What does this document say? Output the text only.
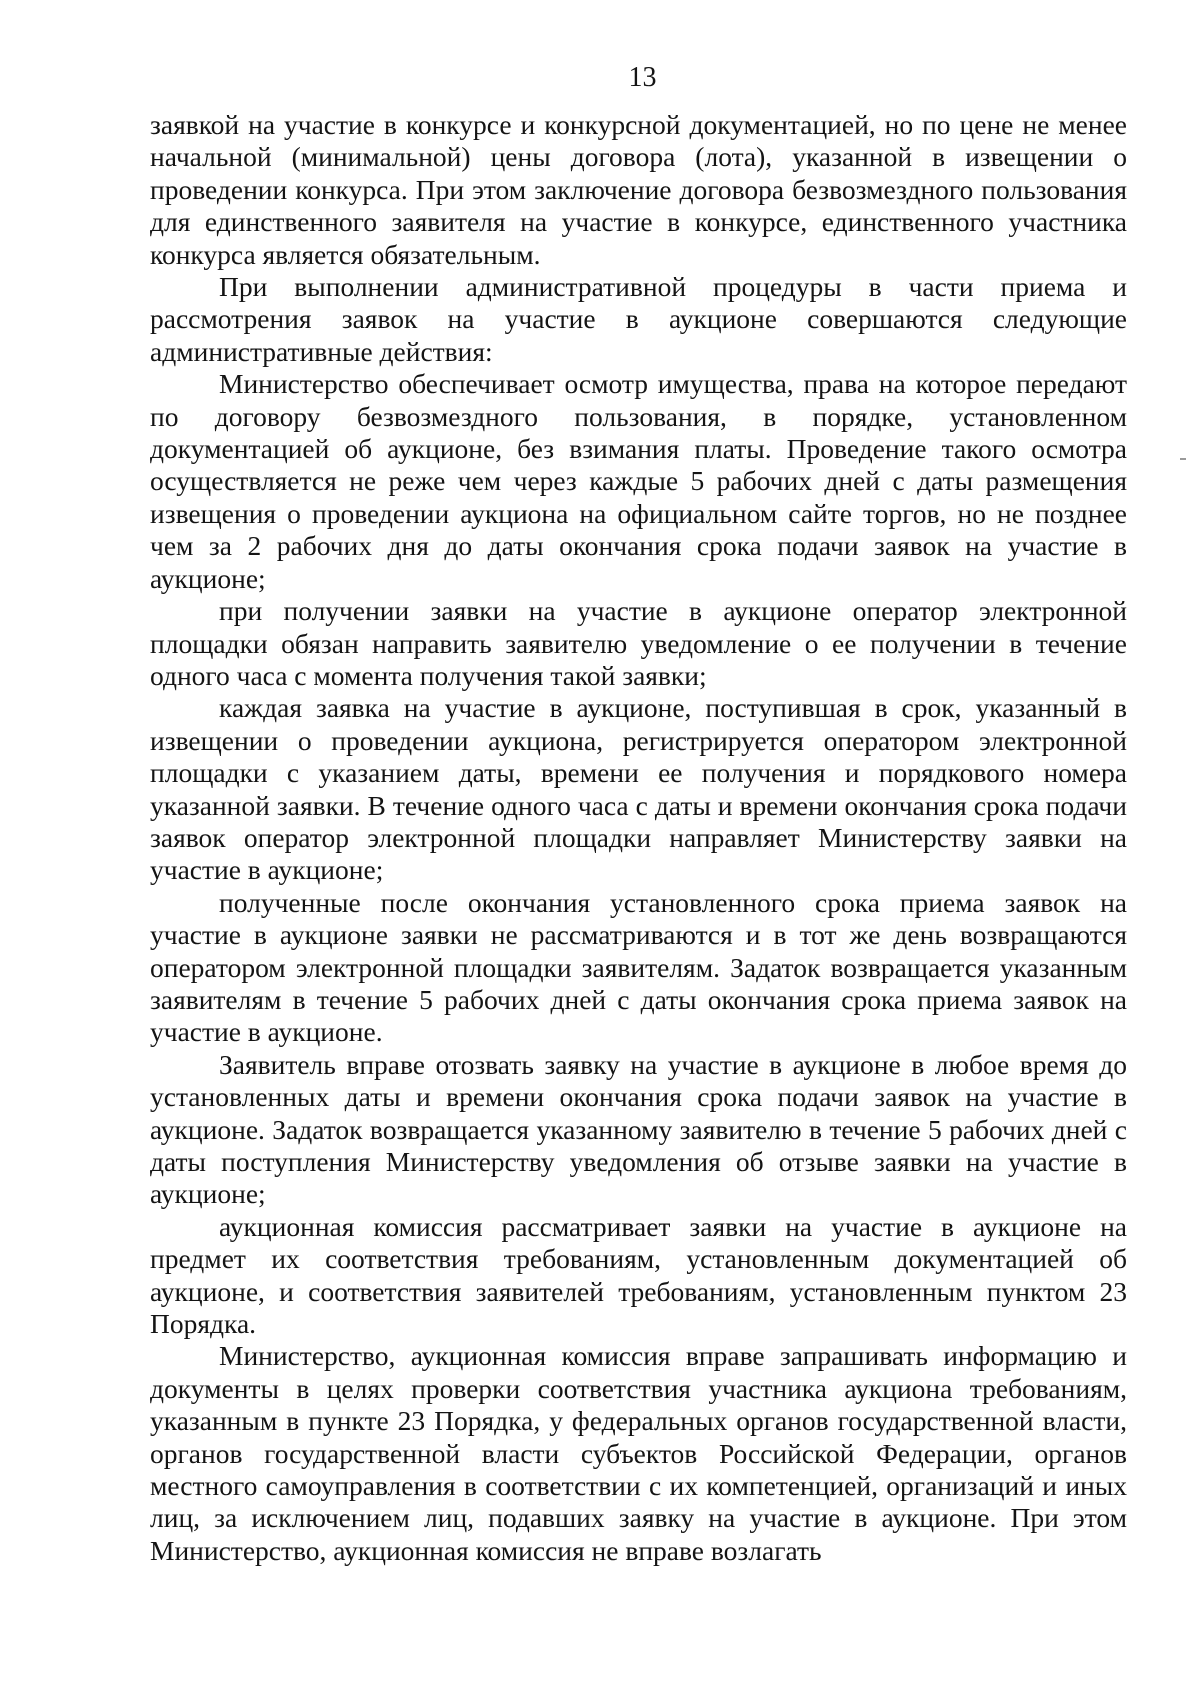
13

заявкой на участие в конкурсе и конкурсной документацией, но по цене не менее начальной (минимальной) цены договора (лота), указанной в извещении о проведении конкурса. При этом заключение договора безвозмездного пользования для единственного заявителя на участие в конкурсе, единственного участника конкурса является обязательным.

При выполнении административной процедуры в части приема и рассмотрения заявок на участие в аукционе совершаются следующие административные действия:

Министерство обеспечивает осмотр имущества, права на которое передают по договору безвозмездного пользования, в порядке, установленном документацией об аукционе, без взимания платы. Проведение такого осмотра осуществляется не реже чем через каждые 5 рабочих дней с даты размещения извещения о проведении аукциона на официальном сайте торгов, но не позднее чем за 2 рабочих дня до даты окончания срока подачи заявок на участие в аукционе;

при получении заявки на участие в аукционе оператор электронной площадки обязан направить заявителю уведомление о ее получении в течение одного часа с момента получения такой заявки;

каждая заявка на участие в аукционе, поступившая в срок, указанный в извещении о проведении аукциона, регистрируется оператором электронной площадки с указанием даты, времени ее получения и порядкового номера указанной заявки. В течение одного часа с даты и времени окончания срока подачи заявок оператор электронной площадки направляет Министерству заявки на участие в аукционе;

полученные после окончания установленного срока приема заявок на участие в аукционе заявки не рассматриваются и в тот же день возвращаются оператором электронной площадки заявителям. Задаток возвращается указанным заявителям в течение 5 рабочих дней с даты окончания срока приема заявок на участие в аукционе.

Заявитель вправе отозвать заявку на участие в аукционе в любое время до установленных даты и времени окончания срока подачи заявок на участие в аукционе. Задаток возвращается указанному заявителю в течение 5 рабочих дней с даты поступления Министерству уведомления об отзыве заявки на участие в аукционе;

аукционная комиссия рассматривает заявки на участие в аукционе на предмет их соответствия требованиям, установленным документацией об аукционе, и соответствия заявителей требованиям, установленным пунктом 23 Порядка.

Министерство, аукционная комиссия вправе запрашивать информацию и документы в целях проверки соответствия участника аукциона требованиям, указанным в пункте 23 Порядка, у федеральных органов государственной власти, органов государственной власти субъектов Российской Федерации, органов местного самоуправления в соответствии с их компетенцией, организаций и иных лиц, за исключением лиц, подавших заявку на участие в аукционе. При этом Министерство, аукционная комиссия не вправе возлагать
